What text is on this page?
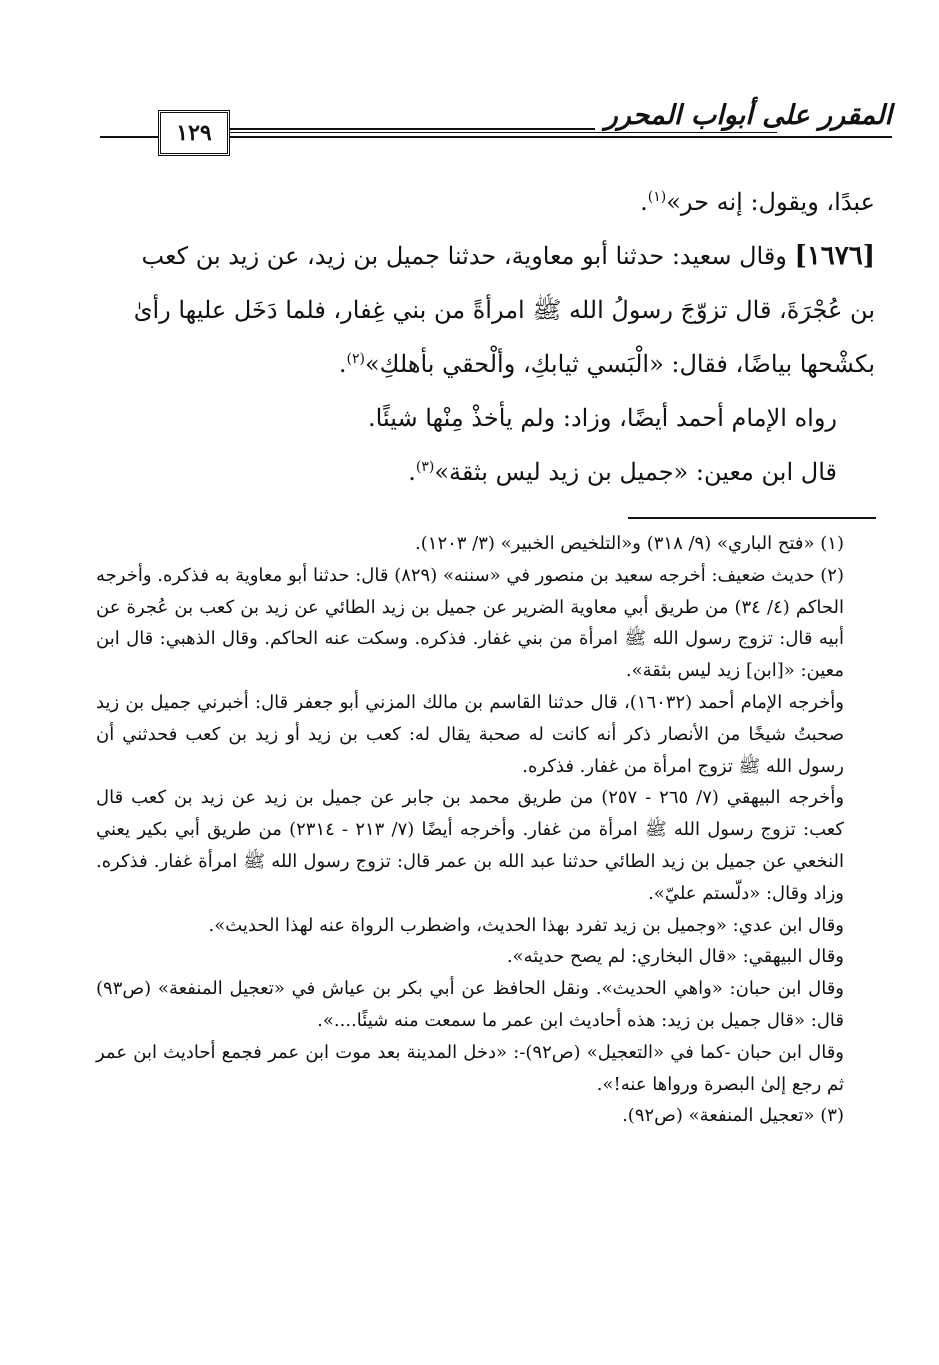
١٢٩
المقرر على أبواب المحرر

عبدًا، ويقول: إنه حر»$^{(١)}$.

[١٦٧٦] وقال سعيد: حدثنا أبو معاوية، حدثنا جميل بن زيد، عن زيد بن كعب بن عُجْرَةَ، قال تزوّجَ رسولُ الله ﷺ امرأةً من بني غِفار، فلما دَخَل عليها رأىٰ بكشْحها بياضًا، فقال: «الْبَسي ثيابكِ، وألْحقي بأهلكِ»$^{(٢)}$.

رواه الإمام أحمد أيضًا، وزاد: ولم يأخذْ مِنْها شيئًا.

قال ابن معين: «جميل بن زيد ليس بثقة»$^{(٣)}$.

(١) «فتح الباري» (٩/ ٣١٨) و«التلخيص الخبير» (٣/ ١٢٠٣).

(٢) حديث ضعيف: أخرجه سعيد بن منصور في «سننه» (٨٢٩) قال: حدثنا أبو معاوية به فذكره. وأخرجه الحاكم (٤/ ٣٤) من طريق أبي معاوية الضرير عن جميل بن زيد الطائي عن زيد بن كعب بن عُجرة عن أبيه قال: تزوج رسول الله ﷺ امرأة من بني غفار. فذكره. وسكت عنه الحاكم. وقال الذهبي: قال ابن معين: «[ابن] زيد ليس بثقة».

وأخرجه الإمام أحمد (١٦٠٣٢)، قال حدثنا القاسم بن مالك المزني أبو جعفر قال: أخبرني جميل بن زيد صحبتُ شيخًا من الأنصار ذكر أنه كانت له صحبة يقال له: كعب بن زيد أو زيد بن كعب فحدثني أن رسول الله ﷺ تزوج امرأة من غفار. فذكره.

وأخرجه البيهقي (٧/ ٢٦٥ - ٢٥٧) من طريق محمد بن جابر عن جميل بن زيد عن زيد بن كعب قال كعب: تزوج رسول الله ﷺ امرأة من غفار. وأخرجه أيضًا (٧/ ٢١٣ - ٢٣١٤) من طريق أبي بكير يعني النخعي عن جميل بن زيد الطائي حدثنا عبد الله بن عمر قال: تزوج رسول الله ﷺ امرأة غفار. فذكره. وزاد وقال: «دلّستم عليّ».

وقال ابن عدي: «وجميل بن زيد تفرد بهذا الحديث، واضطرب الرواة عنه لهذا الحديث».

وقال البيهقي: «قال البخاري: لم يصح حديثه».

وقال ابن حبان: «واهي الحديث». ونقل الحافظ عن أبي بكر بن عياش في «تعجيل المنفعة» (ص٩٣) قال: «قال جميل بن زيد: هذه أحاديث ابن عمر ما سمعت منه شيئًا....».

وقال ابن حبان -كما في «التعجيل» (ص٩٢)-: «دخل المدينة بعد موت ابن عمر فجمع أحاديث ابن عمر ثم رجع إلىٰ البصرة ورواها عنه!».

(٣) «تعجيل المنفعة» (ص٩٢).
